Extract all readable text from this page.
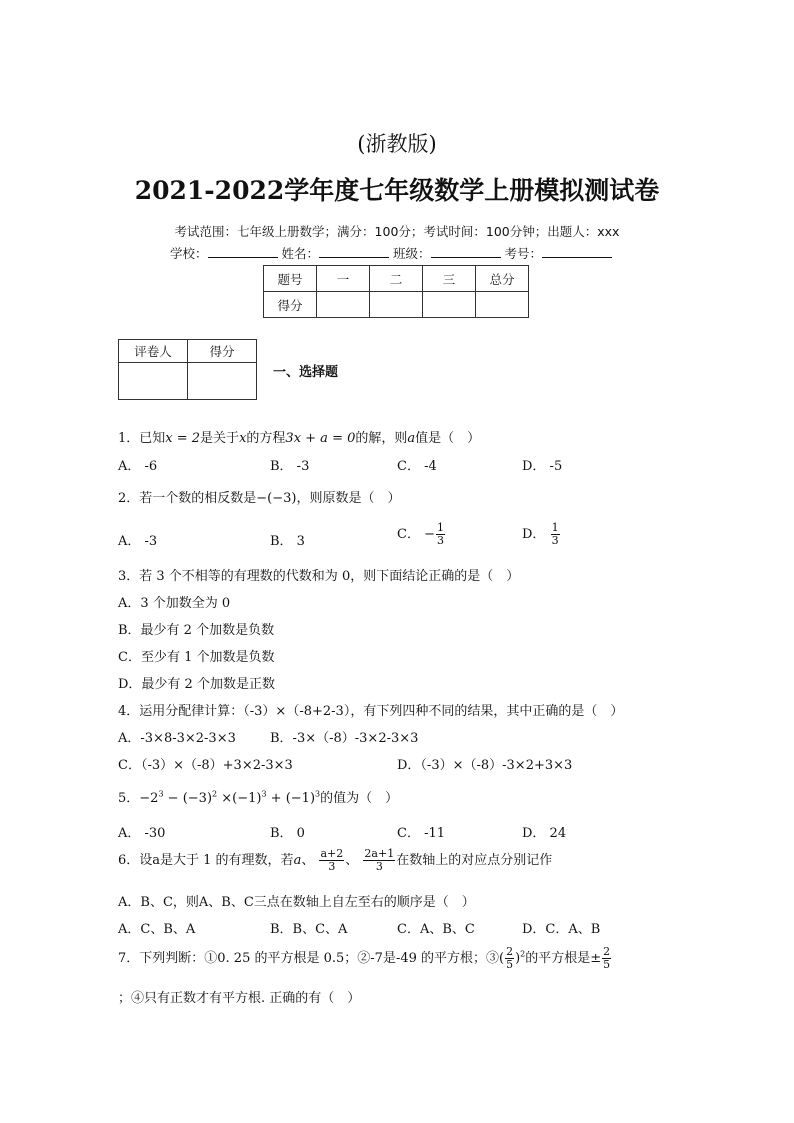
(浙教版)
2021-2022学年度七年级数学上册模拟测试卷
考试范围：七年级上册数学；满分：100分；考试时间：100分钟；出题人：xxx
学校：	姓名：	班级：	考号：
题号	一	二	三	总分
得分				
评卷人	得分

一、选择题
1．已知x = 2是关于x的方程3x + a = 0的解，则a值是（　）
A． -6	B． -3	C． -4	D． -5
2．若一个数的相反数是−(−3)，则原数是（　）
A． -3	B． 3	C． − $\frac{1}{3}$	D． $\frac{1}{3}$
3．若 3 个不相等的有理数的代数和为 0，则下面结论正确的是（　）
A．3 个加数全为 0
B．最少有 2 个加数是负数
C．至少有 1 个加数是负数
D．最少有 2 个加数是正数
4．运用分配律计算：（-3）×（-8+2-3），有下列四种不同的结果，其中正确的是（　）
A．-3×8-3×2-3×3	B．-3×（-8）-3×2-3×3
C．（-3）×（-8）+3×2-3×3	D．（-3）×（-8）-3×2+3×3
5．$-2^3 - (-3)^2 \times(-1)^3 + (-1)^3$的值为（　）
A． -30	B． 0	C． -11	D． 24
6．设a是大于 1 的有理数，若a、 $\frac{a+2}{3}$ 、 $\frac{2a+1}{3}$ 在数轴上的对应点分别记作
A．B、C，则A、B、C三点在数轴上自左至右的顺序是（　）
A．C、B、A	B．B、C、A	C．A、B、C	D．C．A、B
7．下列判断：①0. 25 的平方根是 0.5；②-7是-49 的平方根；③( $\frac{2}{5} )^2$的平方根是± $\frac{2}{5}$
；④只有正数才有平方根. 正确的有（　）
